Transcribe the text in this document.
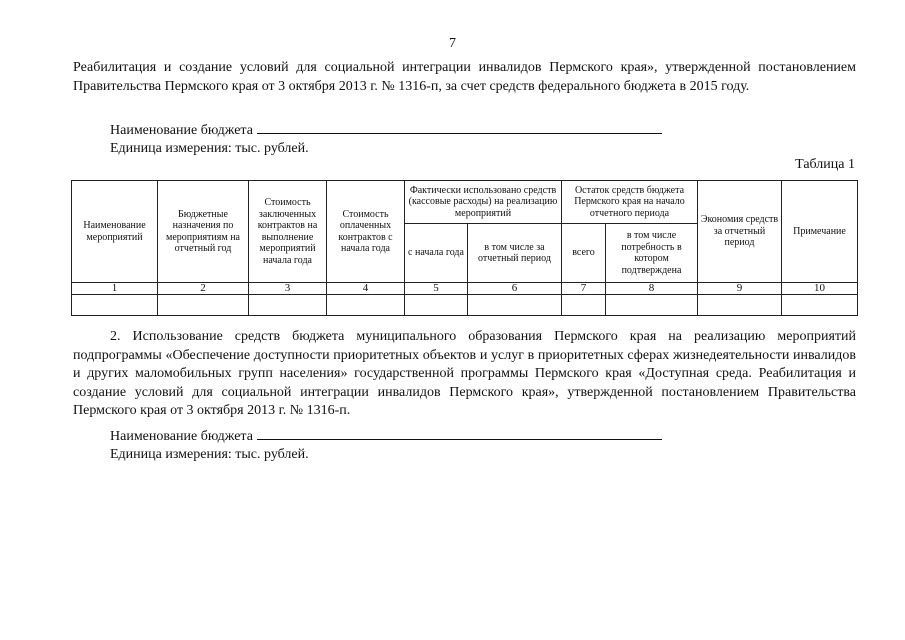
7

Реабилитация и создание условий для социальной интеграции инвалидов Пермского края», утвержденной постановлением Правительства Пермского края от 3 октября 2013 г. № 1316-п, за счет средств федерального бюджета в 2015 году.

Наименование бюджета
Единица измерения: тыс. рублей.
Таблица 1
Наименование мероприятий	Бюджетные назначения по мероприятиям на отчетный год	Стоимость заключенных контрактов на выполнение мероприятий начала года	Стоимость оплаченных контрактов с начала года	Фактически использовано средств (кассовые расходы) на реализацию мероприятий		Остаток средств бюджета Пермского края на начало отчетного периода		Экономия средств за отчетный период	Примечание
				с начала года	в том числе за отчетный период	всего	в том числе потребность в котором подтверждена		
1	2	3	4	5	6	7	8	9	10

2. Использование средств бюджета муниципального образования Пермского края на реализацию мероприятий подпрограммы «Обеспечение доступности приоритетных объектов и услуг в приоритетных сферах жизнедеятельности инвалидов и других маломобильных групп населения» государственной программы Пермского края «Доступная среда. Реабилитация и создание условий для социальной интеграции инвалидов Пермского края», утвержденной постановлением Правительства Пермского края от 3 октября 2013 г. № 1316-п.

Наименование бюджета
Единица измерения: тыс. рублей.
